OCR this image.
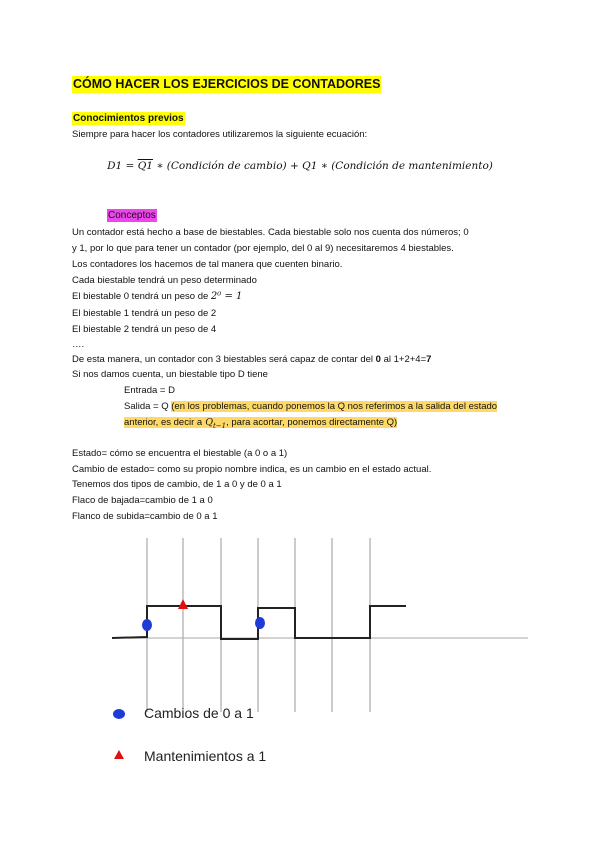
CÓMO HACER LOS EJERCICIOS DE CONTADORES
Conocimientos previos
Siempre para hacer los contadores utilizaremos la siguiente ecuación:
D1 = Q1 ∗ (Condición de cambio) + Q1 ∗ (Condición de mantenimiento)
Conceptos
Un contador está hecho a base de biestables. Cada biestable solo nos cuenta dos números; 0
y 1, por lo que para tener un contador (por ejemplo, del 0 al 9) necesitaremos 4 biestables.
Los contadores los hacemos de tal manera que cuenten binario.
Cada biestable tendrá un peso determinado
El biestable 0 tendrá un peso de 2⁰ = 1
El biestable 1 tendrá un peso de 2
El biestable 2 tendrá un peso de 4
….
De esta manera, un contador con 3 biestables será capaz de contar del 0 al 1+2+4=7
Si nos damos cuenta, un biestable tipo D tiene
Entrada = D
Salida = Q (en los problemas, cuando ponemos la Q nos referimos a la salida del estado
anterior, es decir a $Q_{t-1}$, para acortar, ponemos directamente Q)
Estado= cómo se encuentra el biestable (a 0 o a 1)
Cambio de estado= como su propio nombre indica, es un cambio en el estado actual.
Tenemos dos tipos de cambio, de 1 a 0 y de 0 a 1
Flaco de bajada=cambio de 1 a 0
Flanco de subida=cambio de 0 a 1
Cambios de 0 a 1
Mantenimientos a 1
